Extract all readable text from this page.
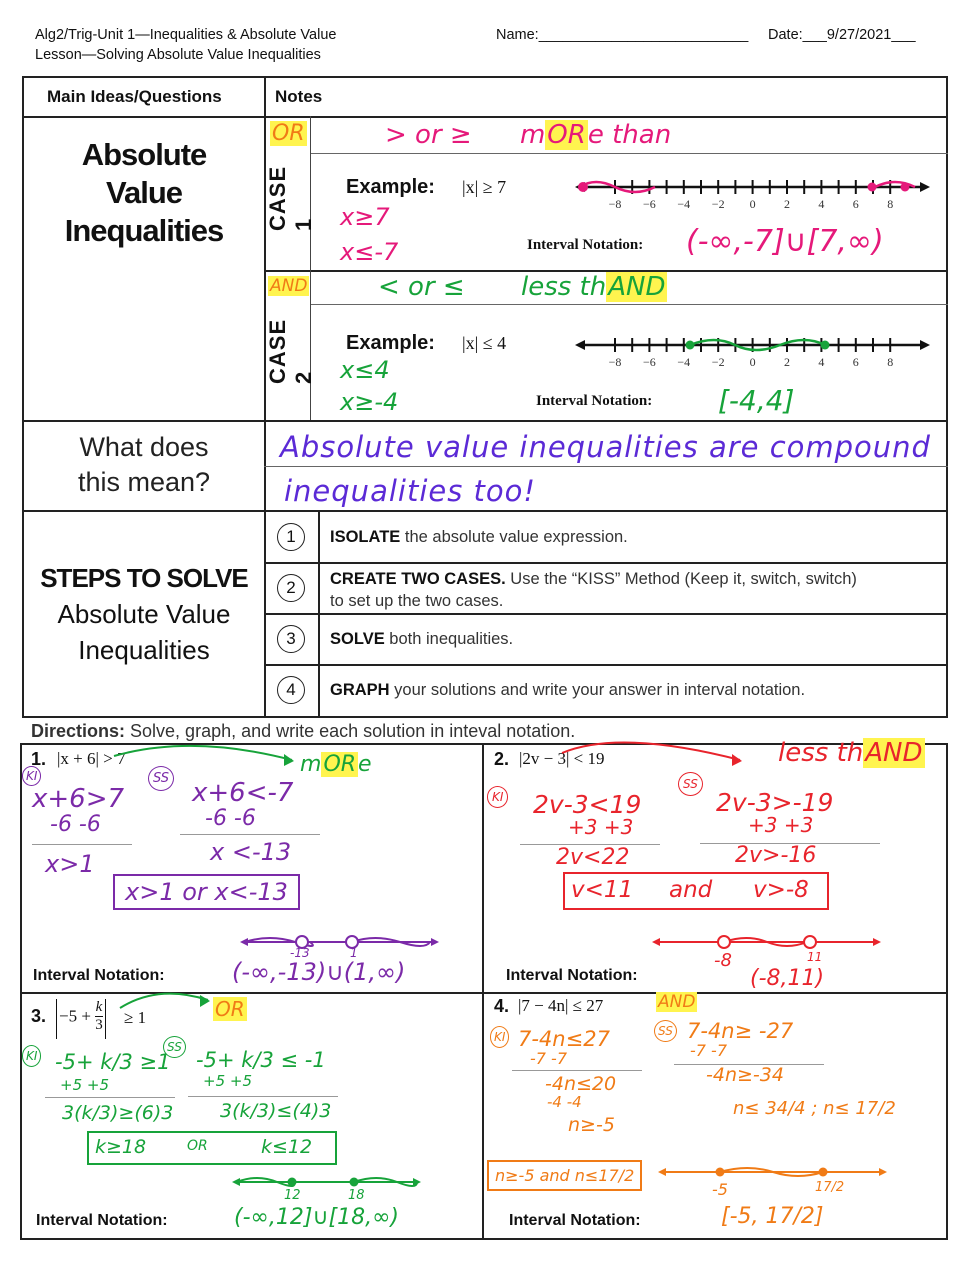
Alg2/Trig-Unit 1—Inequalities & Absolute Value
Lesson—Solving Absolute Value Inequalities
Name:__________________________ Date:___9/27/2021___
Main Ideas/Questions	Notes
Absolute
Value
Inequalities	CASE 1
OR	> or ≥ mORe than
Example: |x| ≥ 7
x≥7
x≤-7	Interval Notation: (-∞,-7]∪[7,∞)
−8 −6 −4 −2 0 2 4 6 8
CASE 2
AND	< or ≤ less thAND
Example: |x| ≤ 4
x≤4
x≥-4	Interval Notation: [-4,4]
−8 −6 −4 −2 0 2 4 6 8
What does
this mean?
Absolute value inequalities are compound
inequalities too!
STEPS TO SOLVE
Absolute Value
Inequalities
1	ISOLATE the absolute value expression.
2	CREATE TWO CASES. Use the “KISS” Method (Keep it, switch, switch)
to set up the two cases.
3	SOLVE both inequalities.
4	GRAPH your solutions and write your answer in interval notation.
Directions: Solve, graph, and write each solution in inteval notation.
1. |x + 6| > 7	mORe
KI	SS
x+6>7
-6 -6
x>1
x+6<-7
-6 -6
x <-13
x>1 or x<-13
-13	1
Interval Notation:	(-∞,-13)∪(1,∞)
2. |2v − 3| < 19	less thAND
KI
SS
2v-3<19
+3 +3
2v<22
2v-3>-19
+3 +3
2v>-16
v<11 and v>-8
-8	11
Interval Notation:	(-8,11)
3. $-5 + \frac{k}{3} \ge 1$	OR
KI
SS
-5+ k/3 ≥1
+5 +5
3(k/3)≥(6)3
-5+ k/3 ≤ -1
+5 +5
3(k/3)≤(4)3
k≥18	OR	k≤12
12	18
Interval Notation:	(-∞,12]∪[18,∞)
4. |7 − 4n| ≤ 27	AND
KI	SS
7-4n≤27
-7 -7
-4n≤20
-4 -4
n≥-5
7-4n≥ -27
-7 -7
-4n≥-34
n≤ 34/4 ; n≤ 17/2
n≥-5 and n≤17/2
-5	17/2
Interval Notation:	[-5, 17/2]
